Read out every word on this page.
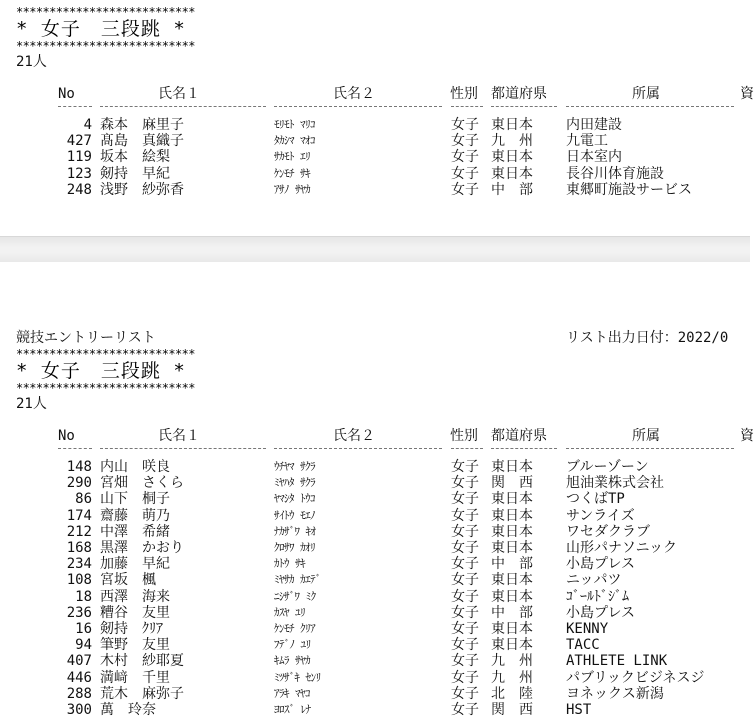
***************************
* 女子　三段跳 *
***************************
21人
No	氏名１	氏名２	性別 都道府県	所属	資
4 森本　麻里子	ﾓﾘﾓﾄ ﾏﾘｺ	女子 東日本 内田建設
427 髙島　真織子	ﾀｶｼﾏ ﾏｵｺ	女子 九　州 九電工
119 坂本　絵梨	ｻｶﾓﾄ ｴﾘ	女子 東日本 日本室内
123 剱持　早紀	ｹﾝﾓﾁ ｻｷ	女子 東日本 長谷川体育施設
248 浅野　紗弥香	ｱｻﾉ ｻﾔｶ	女子 中　部 東郷町施設サービス
競技エントリーリスト	リスト出力日付：2022/0
***************************
* 女子　三段跳 *
***************************
21人
No	氏名１	氏名２	性別 都道府県	所属	資
148 内山　咲良	ｳﾁﾔﾏ ｻｸﾗ	女子 東日本 ブルーゾーン
290 宮畑　さくら	ﾐﾔﾊﾀ ｻｸﾗ	女子 関　西 旭油業株式会社
86 山下　桐子	ﾔﾏｼﾀ ﾄｳｺ	女子 東日本 つくばTP
174 齋藤　萌乃	ｻｲﾄｳ ﾓｴﾉ	女子 東日本 サンライズ
212 中澤　希緒	ﾅｶｻﾞﾜ ｷｵ	女子 東日本 ワセダクラブ
168 黒澤　かおり	ｸﾛｻﾜ ｶｵﾘ	女子 東日本 山形パナソニック
234 加藤　早紀	ｶﾄｳ ｻｷ	女子 中　部 小島プレス
108 宮坂　楓	ﾐﾔｻｶ ｶｴﾃﾞ	女子 東日本 ニッパツ
18 西澤　海来	ﾆｼｻﾞﾜ ﾐｸ	女子 東日本 ｺﾞｰﾙﾄﾞｼﾞﾑ
236 糟谷　友里	ｶｽﾔ ﾕﾘ	女子 中　部 小島プレス
16 剱持　ｸﾘｱ	ｹﾝﾓﾁ ｸﾘｱ	女子 東日本 KENNY
94 筆野　友里	ﾌﾃﾞﾉ ﾕﾘ	女子 東日本 TACC
407 木村　紗耶夏	ｷﾑﾗ ｻﾔｶ	女子 九　州 ATHLETE LINK
446 満﨑　千里	ﾐﾂｻﾞｷ ｾﾝﾘ	女子 九　州 パブリックビジネスジ
288 荒木　麻弥子	ｱﾗｷ ﾏﾔｺ	女子 北　陸 ヨネックス新潟
300 萬　玲奈	ﾖﾛｽﾞ ﾚﾅ	女子 関　西 HST
